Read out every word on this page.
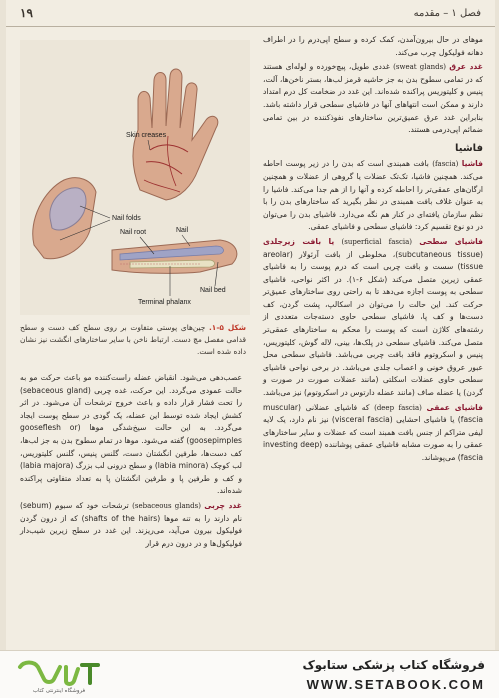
۱۹	فصل ۱ – مقدمه

موهای در حال بیرون‌آمدن، کمک کرده و سطح اپی‌درم را در اطراف دهانه فولیکول چرب می‌کند.

غدد عرق (sweat glands) غددی طویل، پیچ‌خورده و لوله‌ای هستند که در تمامی سطوح بدن به جز حاشیه قرمز لب‌ها، بستر ناخن‌ها، آلت، پنیس و کلیتوریس پراکنده شده‌اند. این غدد در ضخامت کل درم امتداد دارند و ممکن است انتهاهای آنها در فاشیای سطحی قرار داشته باشد. بنابراین غدد عرق عمیق‌ترین ساختارهای نفوذکننده در بین تمامی ضمائم اپی‌درمی هستند.

فاشیا

فاشیا (fascia) بافت همبندی است که بدن را در زیر پوست احاطه می‌کند. همچنین فاشیا، تک‌تک عضلات یا گروهی از عضلات و همچنین ارگان‌های عمقی‌تر را احاطه کرده و آنها را از هم جدا می‌کند. فاشیا را به عنوان غلاف بافت همبندی در نظر بگیرید که ساختارهای بدن را با نظم سازمان یافته‌ای در کنار هم نگه می‌دارد. فاشیای بدن را می‌توان در دو نوع تقسیم کرد: فاشیای سطحی و فاشیای عمقی.

فاشیای سطحی (superficial fascia) یا بافت زیرجلدی (subcutaneous tissue)، مخلوطی از بافت آرئولار (areolar tissue) سست و بافت چربی است که درم پوست را به فاشیای عمقی زیرین متصل می‌کند (شکل ۶-۱). در اکثر نواحی، فاشیای سطحی به پوست اجازه می‌دهد تا به راحتی روی ساختارهای عمیق‌تر حرکت کند. این حالت را می‌توان در اسکالپ، پشت گردن، کف دست‌ها و کف پا، فاشیای سطحی حاوی دسته‌جات متعددی از رشته‌های کلاژن است که پوست را محکم به ساختارهای عمقی‌تر متصل می‌کند. فاشیای سطحی در پلک‌ها، بینی، لاله گوش، کلیتوریس، پنیس و اسکروتوم فاقد بافت چربی می‌باشد. فاشیای سطحی محل عبور عروق خونی و اعصاب جلدی می‌باشد. در برخی نواحی فاشیای سطحی حاوی عضلات اسکلتی (مانند عضلات صورت در صورت و گردن) یا عضله صاف (مانند عضله دارتوس در اسکروتوم) نیز می‌باشد.

فاشیای عمقی (deep fascia) که فاشیای عضلانی (muscular fascia) یا فاشیای احشایی (visceral fascia) نیز نام دارد، یک لایه لیفی متراکم از جنس بافت همبند است که عضلات و سایر ساختارهای عمقی را به صورت مشابه فاشیای عمقی پوشاننده (investing deep fascia) می‌پوشاند.

Skin creases
Nail folds
Nail
Nail root
Nail bed
Terminal phalanx
شکل ۵-۱. چین‌های پوستی متفاوت بر روی سطح کف دست و سطح قدامی مفصل مچ دست. ارتباط ناخن با سایر ساختارهای انگشت نیز نشان داده شده است.

عصب‌دهی می‌شود. انقباض عضله راست‌کننده مو باعث حرکت مو به حالت عمودی می‌گردد. این حرکت، غده چربی (sebaceous gland) را تحت فشار قرار داده و باعث خروج ترشحات آن می‌شود. در اثر کشش ایجاد شده توسط این عضله، یک گودی در سطح پوست ایجاد می‌گردد. به این حالت سیخ‌شدگی موها (gooseflesh or goosepimples) گفته می‌شود. موها در تمام سطوح بدن به جز لب‌ها، کف دست‌ها، طرفین انگشتان دست، گلنس پنیس، گلنس کلیتوریس، لب کوچک (labia minora) و سطح درونی لب بزرگ (labia majora) و کف و طرفین پا و طرفین انگشتان پا به تعداد متفاوتی پراکنده شده‌اند.

غدد چربی (sebaceous glands) ترشحات خود که سبوم (sebum) نام دارند را به تنه موها (shafts of the hairs) که از درون گردن فولیکول بیرون می‌آید، می‌ریزند. این غدد در سطح زیرین شیب‌دار فولیکول‌ها و در درون درم قرار

فروشگاه اینترنتی کتاب
فروشگاه کتاب پزشکی ستابوک
WWW.SETABOOK.COM
